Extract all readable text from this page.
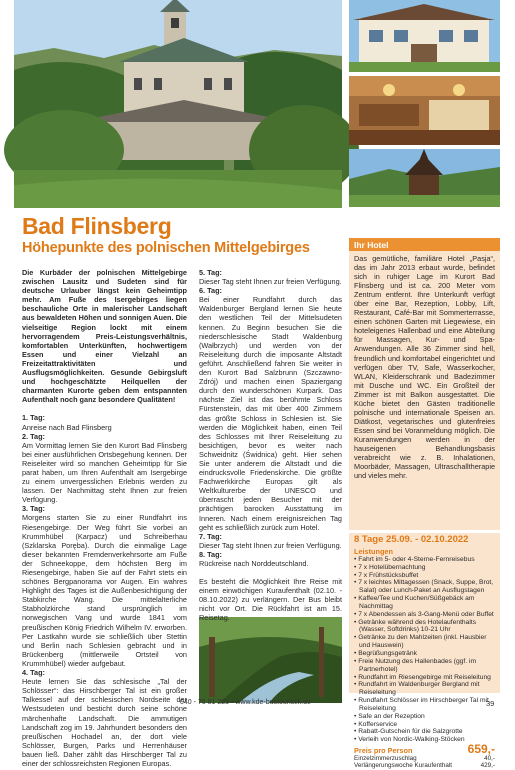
Bad Flinsberg
Höhepunkte des polnischen Mittelgebirges

Die Kurbäder der polnischen Mittelgebirge zwischen Lausitz und Sudeten sind für deutsche Urlauber längst kein Geheimtipp mehr. Am Fuße des Isergebirges liegen beschauliche Orte in malerischer Landschaft aus bewaldeten Höhen und sonnigen Auen. Die vielseitige Region lockt mit einem hervorragendem Preis-Leistungsverhältnis, komfortablen Unterkünften, hochwertigem Essen und einer Vielzahl an Freizeitattraktivitäten und Ausflugsmöglichkeiten. Gesunde Gebirgsluft und hochgeschätzte Heilquellen der charmanten Kurorte geben dem entspannten Aufenthalt noch ganz besondere Qualitäten!

1. Tag:

Anreise nach Bad Flinsberg

2. Tag:

Am Vormittag lernen Sie den Kurort Bad Flinsberg bei einer ausführlichen Ortsbegehung kennen. Der Reiseleiter wird so manchen Geheimtipp für Sie parat haben, um Ihren Aufenthalt am Isergebirge zu einem unvergesslichen Erlebnis werden zu lassen. Der Nachmittag steht Ihnen zur freien Verfügung.

3. Tag:

Morgens starten Sie zu einer Rundfahrt ins Riesengebirge. Der Weg führt Sie vorbei an Krummhübel (Karpacz) und Schreiberhau (Szklarska Poręba). Durch die einmalige Lage dieser bekannten Fremdenverkehrsorte am Fuße der Schneekoppe, dem höchsten Berg im Riesengebirge, haben Sie auf der Fahrt stets ein schönes Bergpanorama vor Augen. Ein wahres Highlight des Tages ist die Außenbesichtigung der Stabkirche Wang. Die mittelalterliche Stabholzkirche stand ursprünglich im norwegischen Vang und wurde 1841 vom preußischen König Friedrich Wilhelm IV. erworben. Per Lastkahn wurde sie schließlich über Stettin und Berlin nach Schlesien gebracht und in Brückenberg (mittlerweile Ortsteil von Krummhübel) wieder aufgebaut.

4. Tag:

Heute lernen Sie das schlesische „Tal der Schlösser“: das Hirschberger Tal ist ein großer Talkessel auf der schlesischen Nordseite der Westsudeten und besticht durch seine schöne märchenhafte Landschaft. Die ammutigen Landschaft zog im 19. Jahrhundert besonders den preußischen Hochadel an, der dort viele Schlösser, Burgen, Parks und Herrenhäuser bauen ließ. Daher zählt das Hirschberger Tal zu einer der schlossreichsten Regionen Europas.

5. Tag:

Dieser Tag steht Ihnen zur freien Verfügung.

6. Tag:

Bei einer Rundfahrt durch das Waldenburger Bergland lernen Sie heute den westlichen Teil der Mittelsudeten kennen. Zu Beginn besuchen Sie die niederschlesische Stadt Waldenburg (Wałbrzych) und werden von der Reiseleitung durch die imposante Altstadt geführt. Anschließend fahren Sie weiter in den Kurort Bad Salzbrunn (Szczawno-Zdrój) und machen einen Spaziergang durch den wunderschönen Kurpark. Das nächste Ziel ist das berühmte Schloss Fürstenstein, das mit über 400 Zimmern das größte Schloss in Schlesien ist. Sie werden die Möglichkeit haben, einen Teil des Schlosses mit Ihrer Reiseleitung zu besichtigen, bevor es weiter nach Schweidnitz (Świdnica) geht. Hier sehen Sie unter anderem die Altstadt und die eindrucksvolle Friedenskirche. Die größte Fachwerkkirche Europas gilt als Weltkulturerbe der UNESCO und überrascht jeden Besucher mit der prächtigen barocken Ausstattung im Inneren. Nach einem ereignisreichen Tag geht es schließlich zurück zum Hotel.

7. Tag:

Dieser Tag steht Ihnen zur freien Verfügung.

8. Tag:

Rückreise nach Norddeutschland.

Es besteht die Möglichkeit Ihre Reise mit einem einwöchigen Kuraufenthalt (02.10. - 08.10.2022) zu verlängern. Der Bus bleibt nicht vor Ort. Die Rückfahrt ist am 15. Reisetag.

Ihr Hotel
Das gemütliche, familiäre Hotel „Pasja“, das im Jahr 2013 erbaut wurde, befindet sich in ruhiger Lage im Kurort Bad Flinsberg und ist ca. 200 Meter vom Zentrum entfernt. Ihre Unterkunft verfügt über eine Bar, Rezeption, Lobby, Lift, Restaurant, Café-Bar mit Sommerterrasse, einen schönen Garten mit Liegewiese, ein hoteleigenes Hallenbad und eine Abteilung für Massagen, Kur- und Spa-Anwendungen. Alle 36 Zimmer sind hell, freundlich und komfortabel eingerichtet und verfügen über TV, Safe, Wasserkocher, WLAN, Kleiderschrank und Badezimmer mit Dusche und WC. Ein Großteil der Zimmer ist mit Balkon ausgestattet. Die Küche bietet den Gästen traditionelle polnische und internationale Speisen an. Diätkost, vegetarisches und glutenfreies Essen sind bei Voranmeldung möglich. Die Kuranwendungen werden in der hauseigenen Behandlungsbasis verabreicht wie z. B. Inhalationen, Moorbäder, Massagen, Ultraschalltherapie und vieles mehr.
8 Tage 25.09. - 02.10.2022
Leistungen
• Fahrt im 5- oder 4-Sterne-Fernreisebus
• 7 x Hotelübernachtung
• 7 x Frühstücksbuffet
• 7 x leichtes Mittagessen (Snack, Suppe, Brot, Salat) oder Lunch-Paket an Ausflugstagen
• Kaffee/Tee und Kuchen/Süßgebäck am Nachmittag
• 7 x Abendessen als 3-Gang-Menü oder Buffet
• Getränke während des Hotelaufenthalts (Wasser, Softdrinks) 10-21 Uhr
• Getränke zu den Mahlzeiten (inkl. Hausbier und Hauswein)
• Begrüßungsgetränk
• Freie Nutzung des Hallenbades (ggf. im Partnerhotel)
• Rundfahrt im Riesengebirge mit Reiseleitung
• Rundfahrt im Waldenburger Bergland mit Reiseleitung
• Rundfahrt Schlösser im Hirschberger Tal mit Reiseleitung
• Safe an der Rezeption
• Kofferservice
• Rabatt-Gutschein für die Salzgrotte
• Verleih von Nordic-Walking-Stöcken
Preis pro Person	659,-
Einzelzimmerzuschlag	40,-
Verlängerungswoche Kuraufenthalt	429,-
040 - 76 81 223 • www.kde-bustouristik.de	39
